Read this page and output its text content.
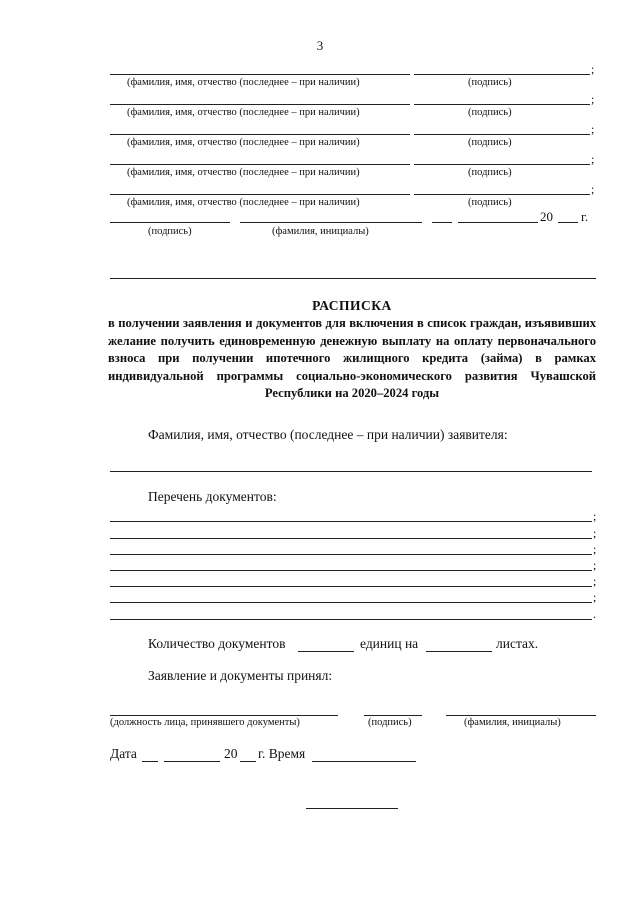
3
;
(фамилия, имя, отчество (последнее – при наличии)	(подпись)
;
(фамилия, имя, отчество (последнее – при наличии)	(подпись)
;
(фамилия, имя, отчество (последнее – при наличии)	(подпись)
;
(фамилия, имя, отчество (последнее – при наличии)	(подпись)
;
(фамилия, имя, отчество (последнее – при наличии)	(подпись)
20 г.
(подпись)	(фамилия, инициалы)
РАСПИСКА
в получении заявления и документов для включения в список граждан, изъявивших желание получить единовременную денежную выплату на оплату первоначального взноса при получении ипотечного жилищного кредита (займа) в рамках индивидуальной программы социально-экономического развития Чувашской Республики на 2020–2024 годы
Фамилия, имя, отчество (последнее – при наличии) заявителя:
Перечень документов:
;
;
;
;
;
;
.
Количество документов	единиц на	листах.
Заявление и документы принял:
(должность лица, принявшего документы)	(подпись)	(фамилия, инициалы)
Дата	20 г. Время
